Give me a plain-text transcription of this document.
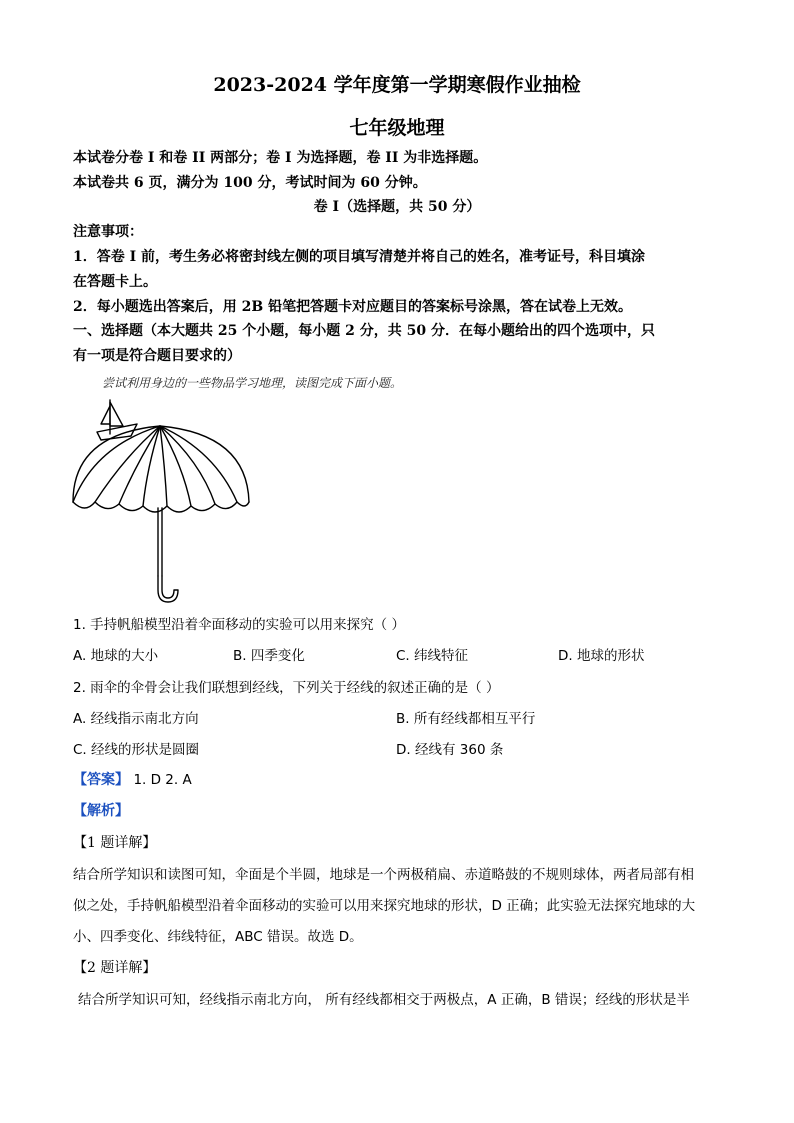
2023-2024 学年度第一学期寒假作业抽检
七年级地理
本试卷分卷 I 和卷 II 两部分；卷 I 为选择题，卷 II 为非选择题。
本试卷共 6 页，满分为 100 分，考试时间为 60 分钟。
卷 I（选择题，共 50 分）
注意事项：
1．答卷 I 前，考生务必将密封线左侧的项目填写清楚并将自己的姓名，准考证号，科目填涂
在答题卡上。
2．每小题选出答案后，用 2B 铅笔把答题卡对应题目的答案标号涂黑，答在试卷上无效。
一、选择题（本大题共 25 个小题，每小题 2 分，共 50 分．在每小题给出的四个选项中，只
有一项是符合题目要求的）
尝试利用身边的一些物品学习地理，读图完成下面小题。
1. 手持帆船模型沿着伞面移动的实验可以用来探究（ ）
A. 地球的大小	B. 四季变化	C. 纬线特征	D. 地球的形状
2. 雨伞的伞骨会让我们联想到经线，下列关于经线的叙述正确的是（ ）
A. 经线指示南北方向	B. 所有经线都相互平行
C. 经线的形状是圆圈	D. 经线有 360 条
【答案】 1. D 2. A
【解析】
【1 题详解】
结合所学知识和读图可知，伞面是个半圆，地球是一个两极稍扁、赤道略鼓的不规则球体，两者局部有相
似之处，手持帆船模型沿着伞面移动的实验可以用来探究地球的形状，D 正确；此实验无法探究地球的大
小、四季变化、纬线特征，ABC 错误。故选 D。
【2 题详解】
结合所学知识可知，经线指示南北方向， 所有经线都相交于两极点，A 正确，B 错误；经线的形状是半
